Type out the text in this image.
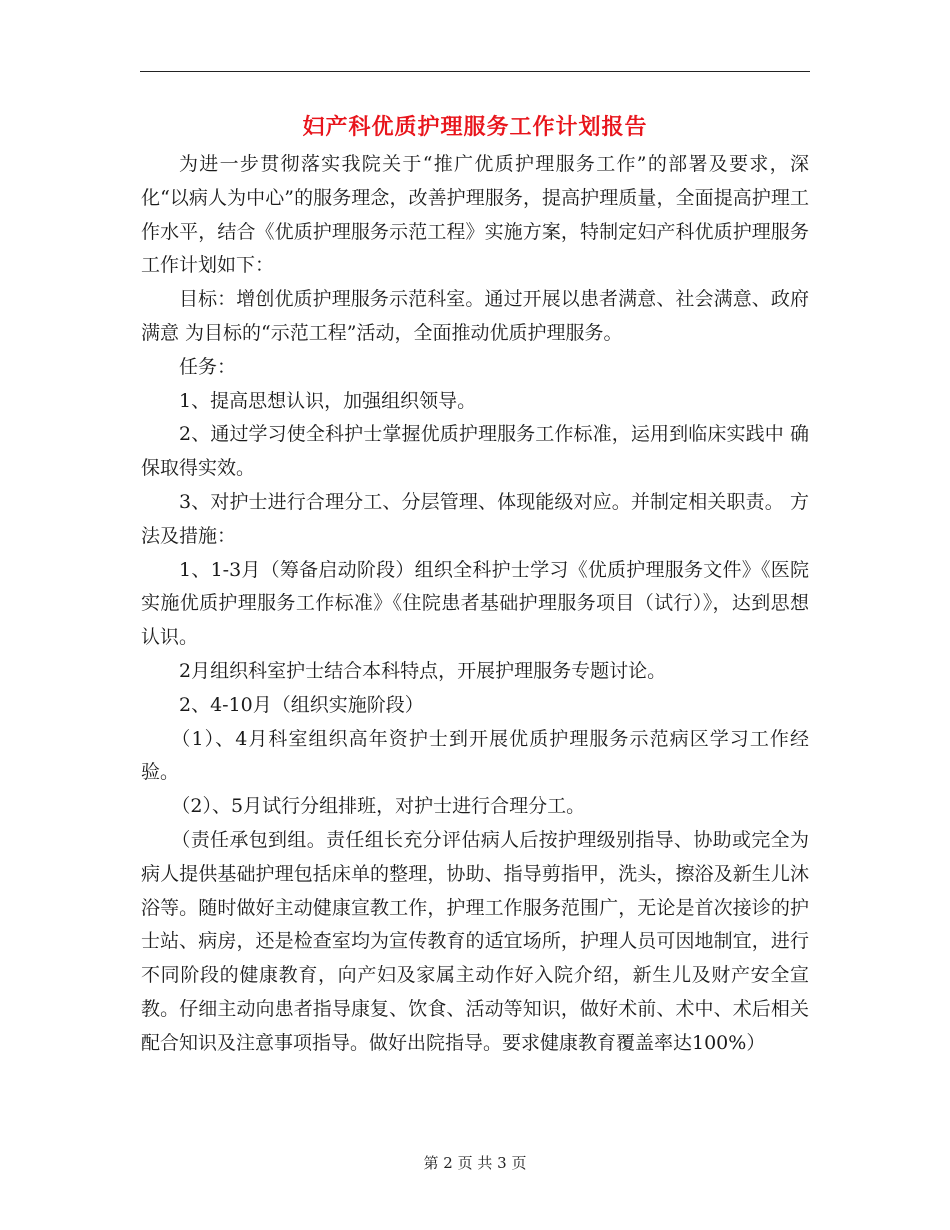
妇产科优质护理服务工作计划报告

为进一步贯彻落实我院关于“推广优质护理服务工作”的部署及要求，深化“以病人为中心”的服务理念，改善护理服务，提高护理质量，全面提高护理工作水平，结合《优质护理服务示范工程》实施方案，特制定妇产科优质护理服务工作计划如下：

目标：增创优质护理服务示范科室。通过开展以患者满意、社会满意、政府满意 为目标的“示范工程”活动，全面推动优质护理服务。

任务：

1、提高思想认识，加强组织领导。

2、通过学习使全科护士掌握优质护理服务工作标准，运用到临床实践中 确保取得实效。

3、对护士进行合理分工、分层管理、体现能级对应。并制定相关职责。 方法及措施：

1、1-3月（筹备启动阶段）组织全科护士学习《优质护理服务文件》《医院实施优质护理服务工作标准》《住院患者基础护理服务项目（试行）》，达到思想认识。

2月组织科室护士结合本科特点，开展护理服务专题讨论。

2、4-10月（组织实施阶段）

（1）、4月科室组织高年资护士到开展优质护理服务示范病区学习工作经验。

（2）、5月试行分组排班，对护士进行合理分工。

（责任承包到组。责任组长充分评估病人后按护理级别指导、协助或完全为病人提供基础护理包括床单的整理，协助、指导剪指甲，洗头，擦浴及新生儿沐浴等。随时做好主动健康宣教工作，护理工作服务范围广，无论是首次接诊的护士站、病房，还是检查室均为宣传教育的适宜场所，护理人员可因地制宜，进行不同阶段的健康教育，向产妇及家属主动作好入院介绍，新生儿及财产安全宣教。仔细主动向患者指导康复、饮食、活动等知识，做好术前、术中、术后相关配合知识及注意事项指导。做好出院指导。要求健康教育覆盖率达100%）

第 2 页 共 3 页
